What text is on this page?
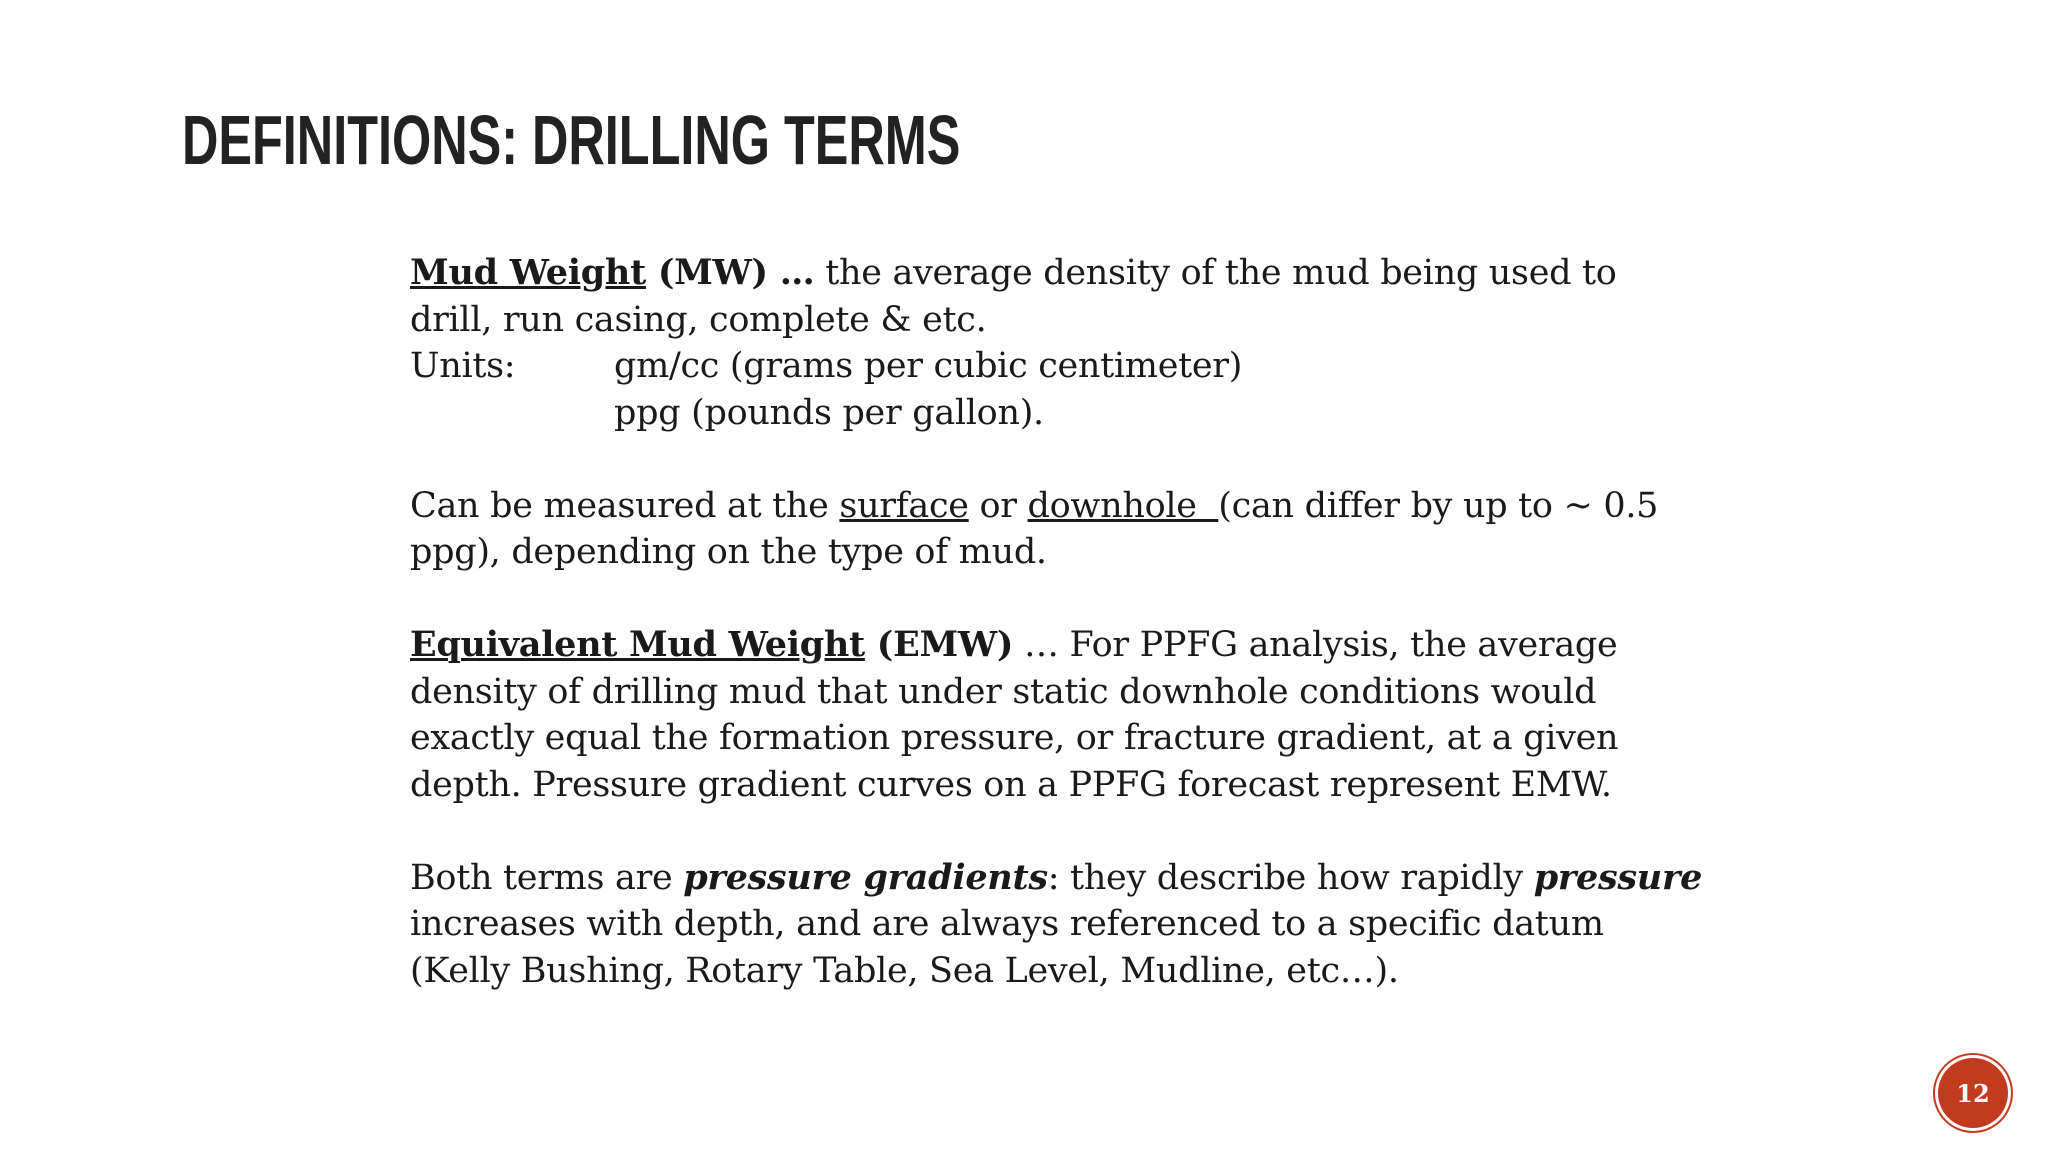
DEFINITIONS: DRILLING TERMS
Mud Weight (MW) … the average density of the mud being used to
drill, run casing, complete & etc.
Units:	gm/cc (grams per cubic centimeter)
ppg (pounds per gallon).
Can be measured at the surface or downhole  (can differ by up to ~ 0.5
ppg), depending on the type of mud.
Equivalent Mud Weight (EMW) … For PPFG analysis, the average
density of drilling mud that under static downhole conditions would
exactly equal the formation pressure, or fracture gradient, at a given
depth. Pressure gradient curves on a PPFG forecast represent EMW.
Both terms are pressure gradients: they describe how rapidly pressure
increases with depth, and are always referenced to a specific datum
(Kelly Bushing, Rotary Table, Sea Level, Mudline, etc…).
12
